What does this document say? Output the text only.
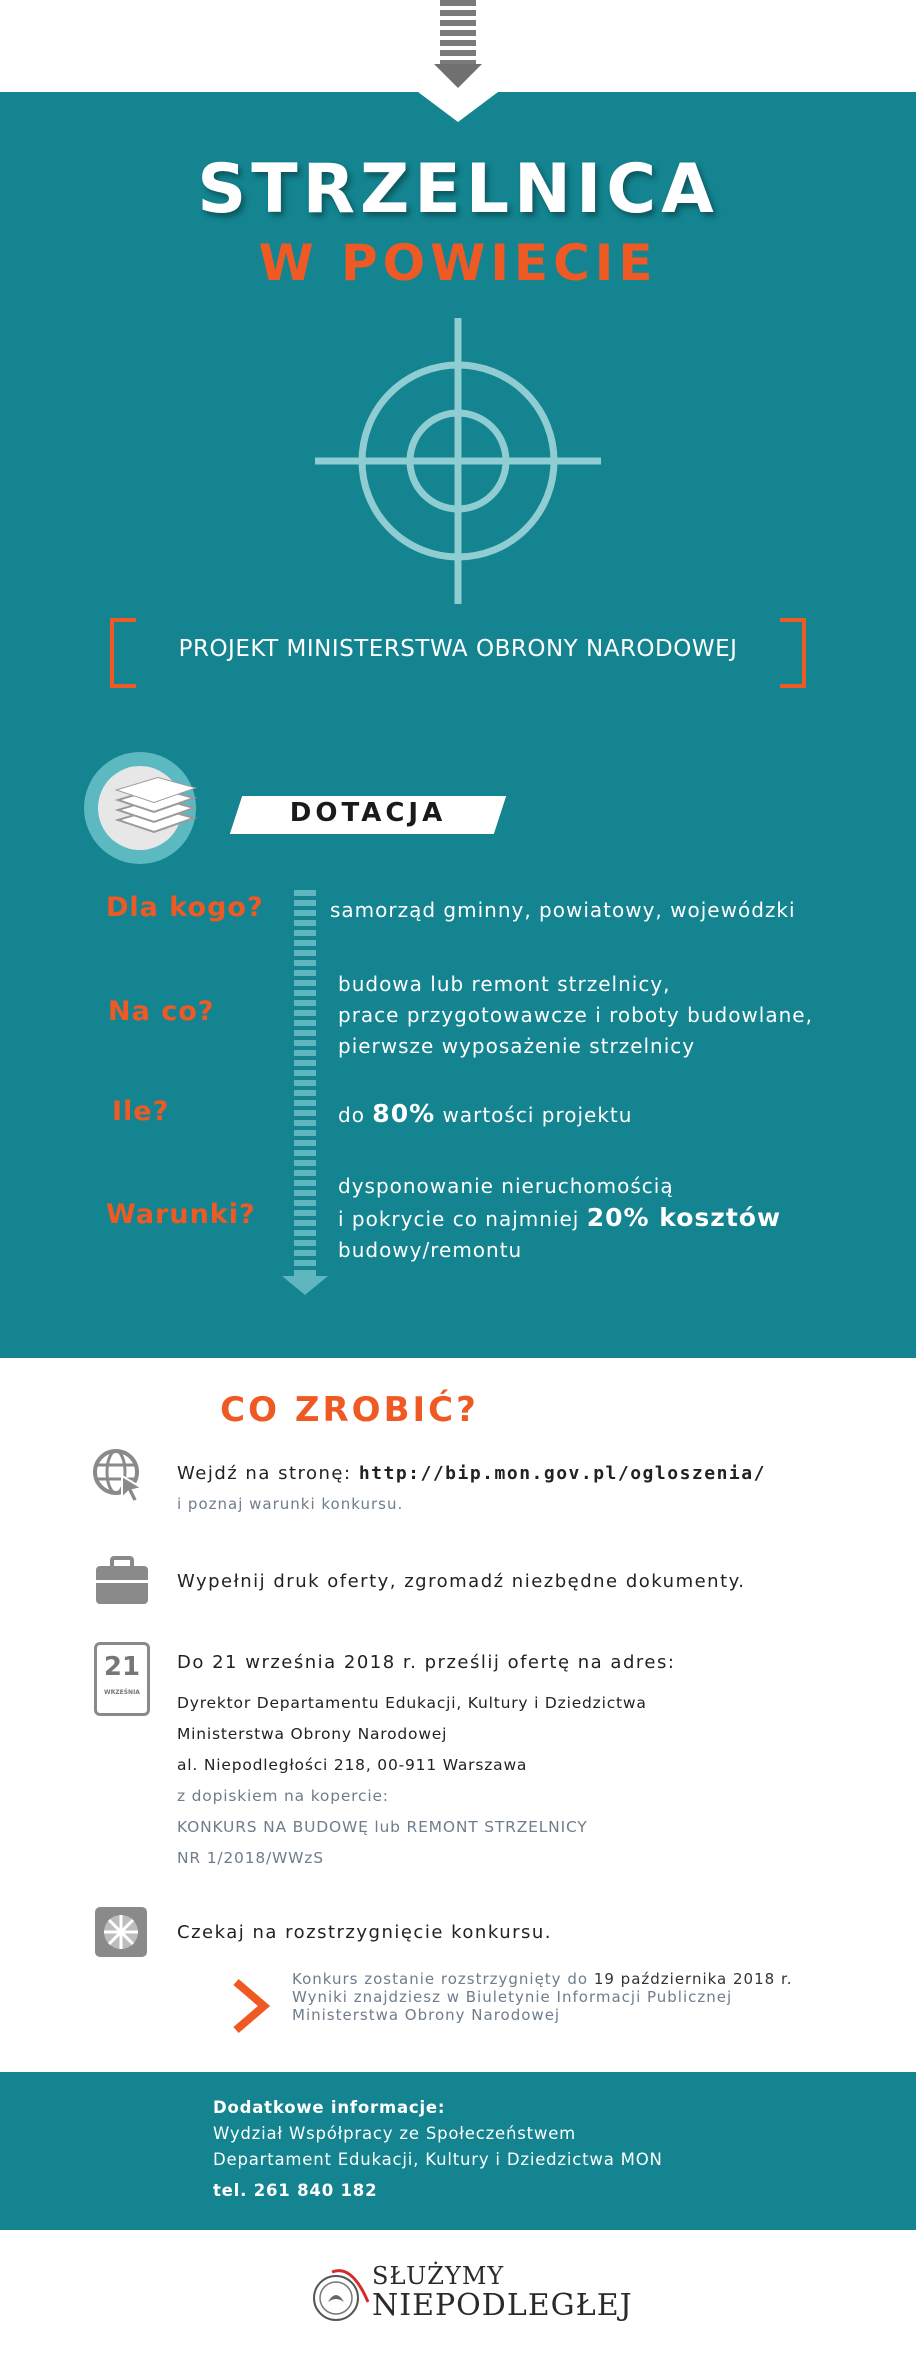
STRZELNICA
W POWIECIE
PROJEKT MINISTERSTWA OBRONY NARODOWEJ
DOTACJA
Dla kogo?	samorząd gminny, powiatowy, wojewódzki
Na co?
budowa lub remont strzelnicy,
prace przygotowawcze i roboty budowlane,
pierwsze wyposażenie strzelnicy
Ile?	do 80% wartości projektu
Warunki?
dysponowanie nieruchomością
i pokrycie co najmniej 20% kosztów
budowy/remontu
CO ZROBIĆ?
Wejdź na stronę: http://bip.mon.gov.pl/ogloszenia/
i poznaj warunki konkursu.
Wypełnij druk oferty, zgromadź niezbędne dokumenty.
21
WRZEŚNIA
Do 21 września 2018 r. prześlij ofertę na adres:
Dyrektor Departamentu Edukacji, Kultury i Dziedzictwa
Ministerstwa Obrony Narodowej
al. Niepodległości 218, 00-911 Warszawa
z dopiskiem na kopercie:
KONKURS NA BUDOWĘ lub REMONT STRZELNICY
NR 1/2018/WWzS
Czekaj na rozstrzygnięcie konkursu.
Konkurs zostanie rozstrzygnięty do 19 października 2018 r.
Wyniki znajdziesz w Biuletynie Informacji Publicznej
Ministerstwa Obrony Narodowej
Dodatkowe informacje:
Wydział Współpracy ze Społeczeństwem
Departament Edukacji, Kultury i Dziedzictwa MON
tel. 261 840 182
SŁUŻYMY
NIEPODLEGŁEJ
